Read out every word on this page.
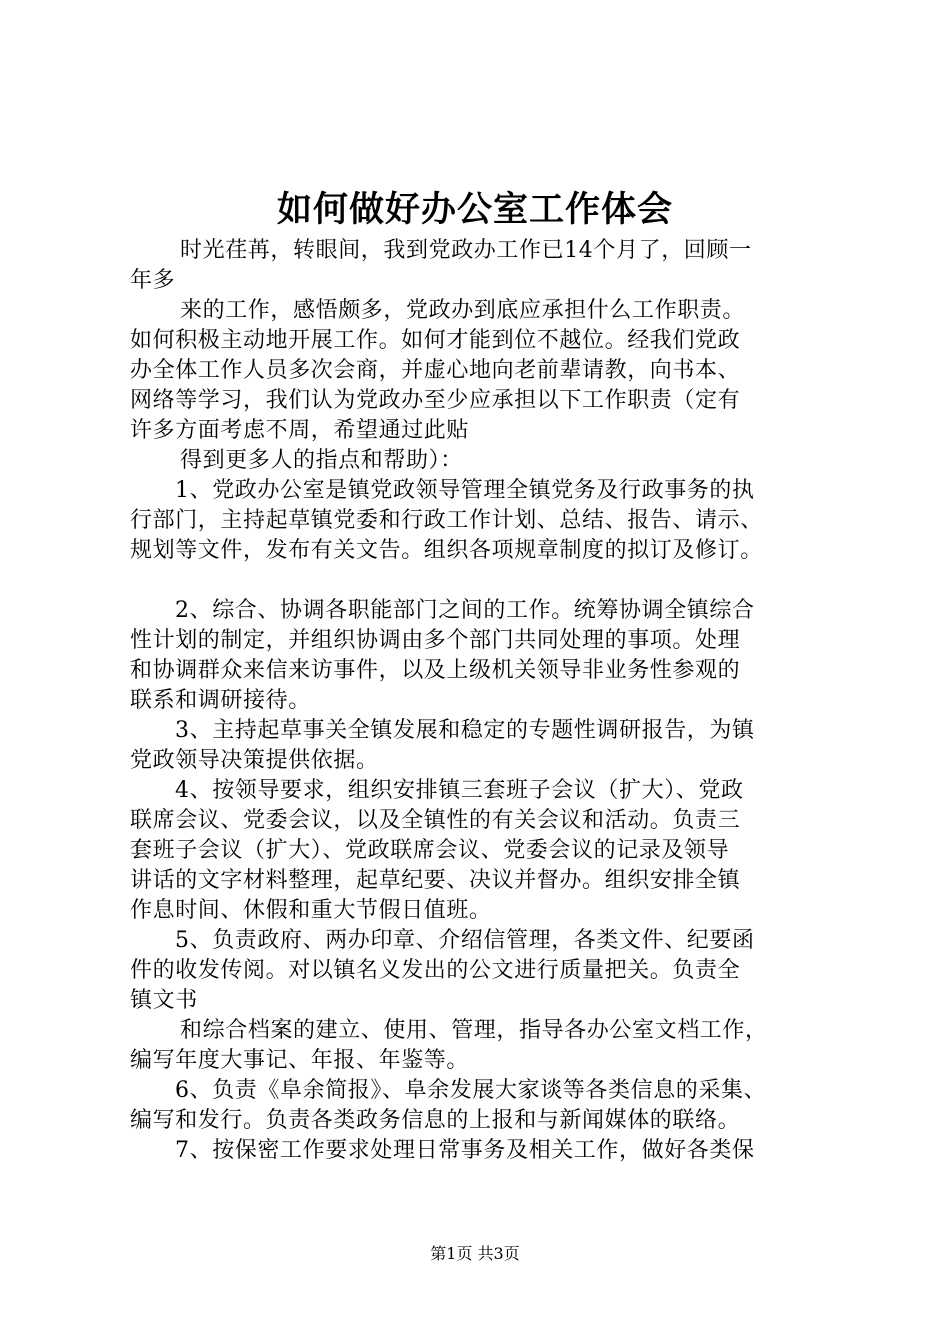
如何做好办公室工作体会
时光荏苒，转眼间，我到党政办工作已14个月了，回顾一
年多
来的工作，感悟颇多，党政办到底应承担什么工作职责。
如何积极主动地开展工作。如何才能到位不越位。经我们党政
办全体工作人员多次会商，并虚心地向老前辈请教，向书本、
网络等学习，我们认为党政办至少应承担以下工作职责（定有
许多方面考虑不周，希望通过此贴
得到更多人的指点和帮助）：
1、党政办公室是镇党政领导管理全镇党务及行政事务的执
行部门，主持起草镇党委和行政工作计划、总结、报告、请示、
规划等文件，发布有关文告。组织各项规章制度的拟订及修订。
2、综合、协调各职能部门之间的工作。统筹协调全镇综合
性计划的制定，并组织协调由多个部门共同处理的事项。处理
和协调群众来信来访事件，以及上级机关领导非业务性参观的
联系和调研接待。
3、主持起草事关全镇发展和稳定的专题性调研报告，为镇
党政领导决策提供依据。
4、按领导要求，组织安排镇三套班子会议（扩大）、党政
联席会议、党委会议，以及全镇性的有关会议和活动。负责三
套班子会议（扩大）、党政联席会议、党委会议的记录及领导
讲话的文字材料整理，起草纪要、决议并督办。组织安排全镇
作息时间、休假和重大节假日值班。
5、负责政府、两办印章、介绍信管理，各类文件、纪要函
件的收发传阅。对以镇名义发出的公文进行质量把关。负责全
镇文书
和综合档案的建立、使用、管理，指导各办公室文档工作，
编写年度大事记、年报、年鉴等。
6、负责《阜余简报》、阜余发展大家谈等各类信息的采集、
编写和发行。负责各类政务信息的上报和与新闻媒体的联络。
7、按保密工作要求处理日常事务及相关工作，做好各类保
第1页 共3页
